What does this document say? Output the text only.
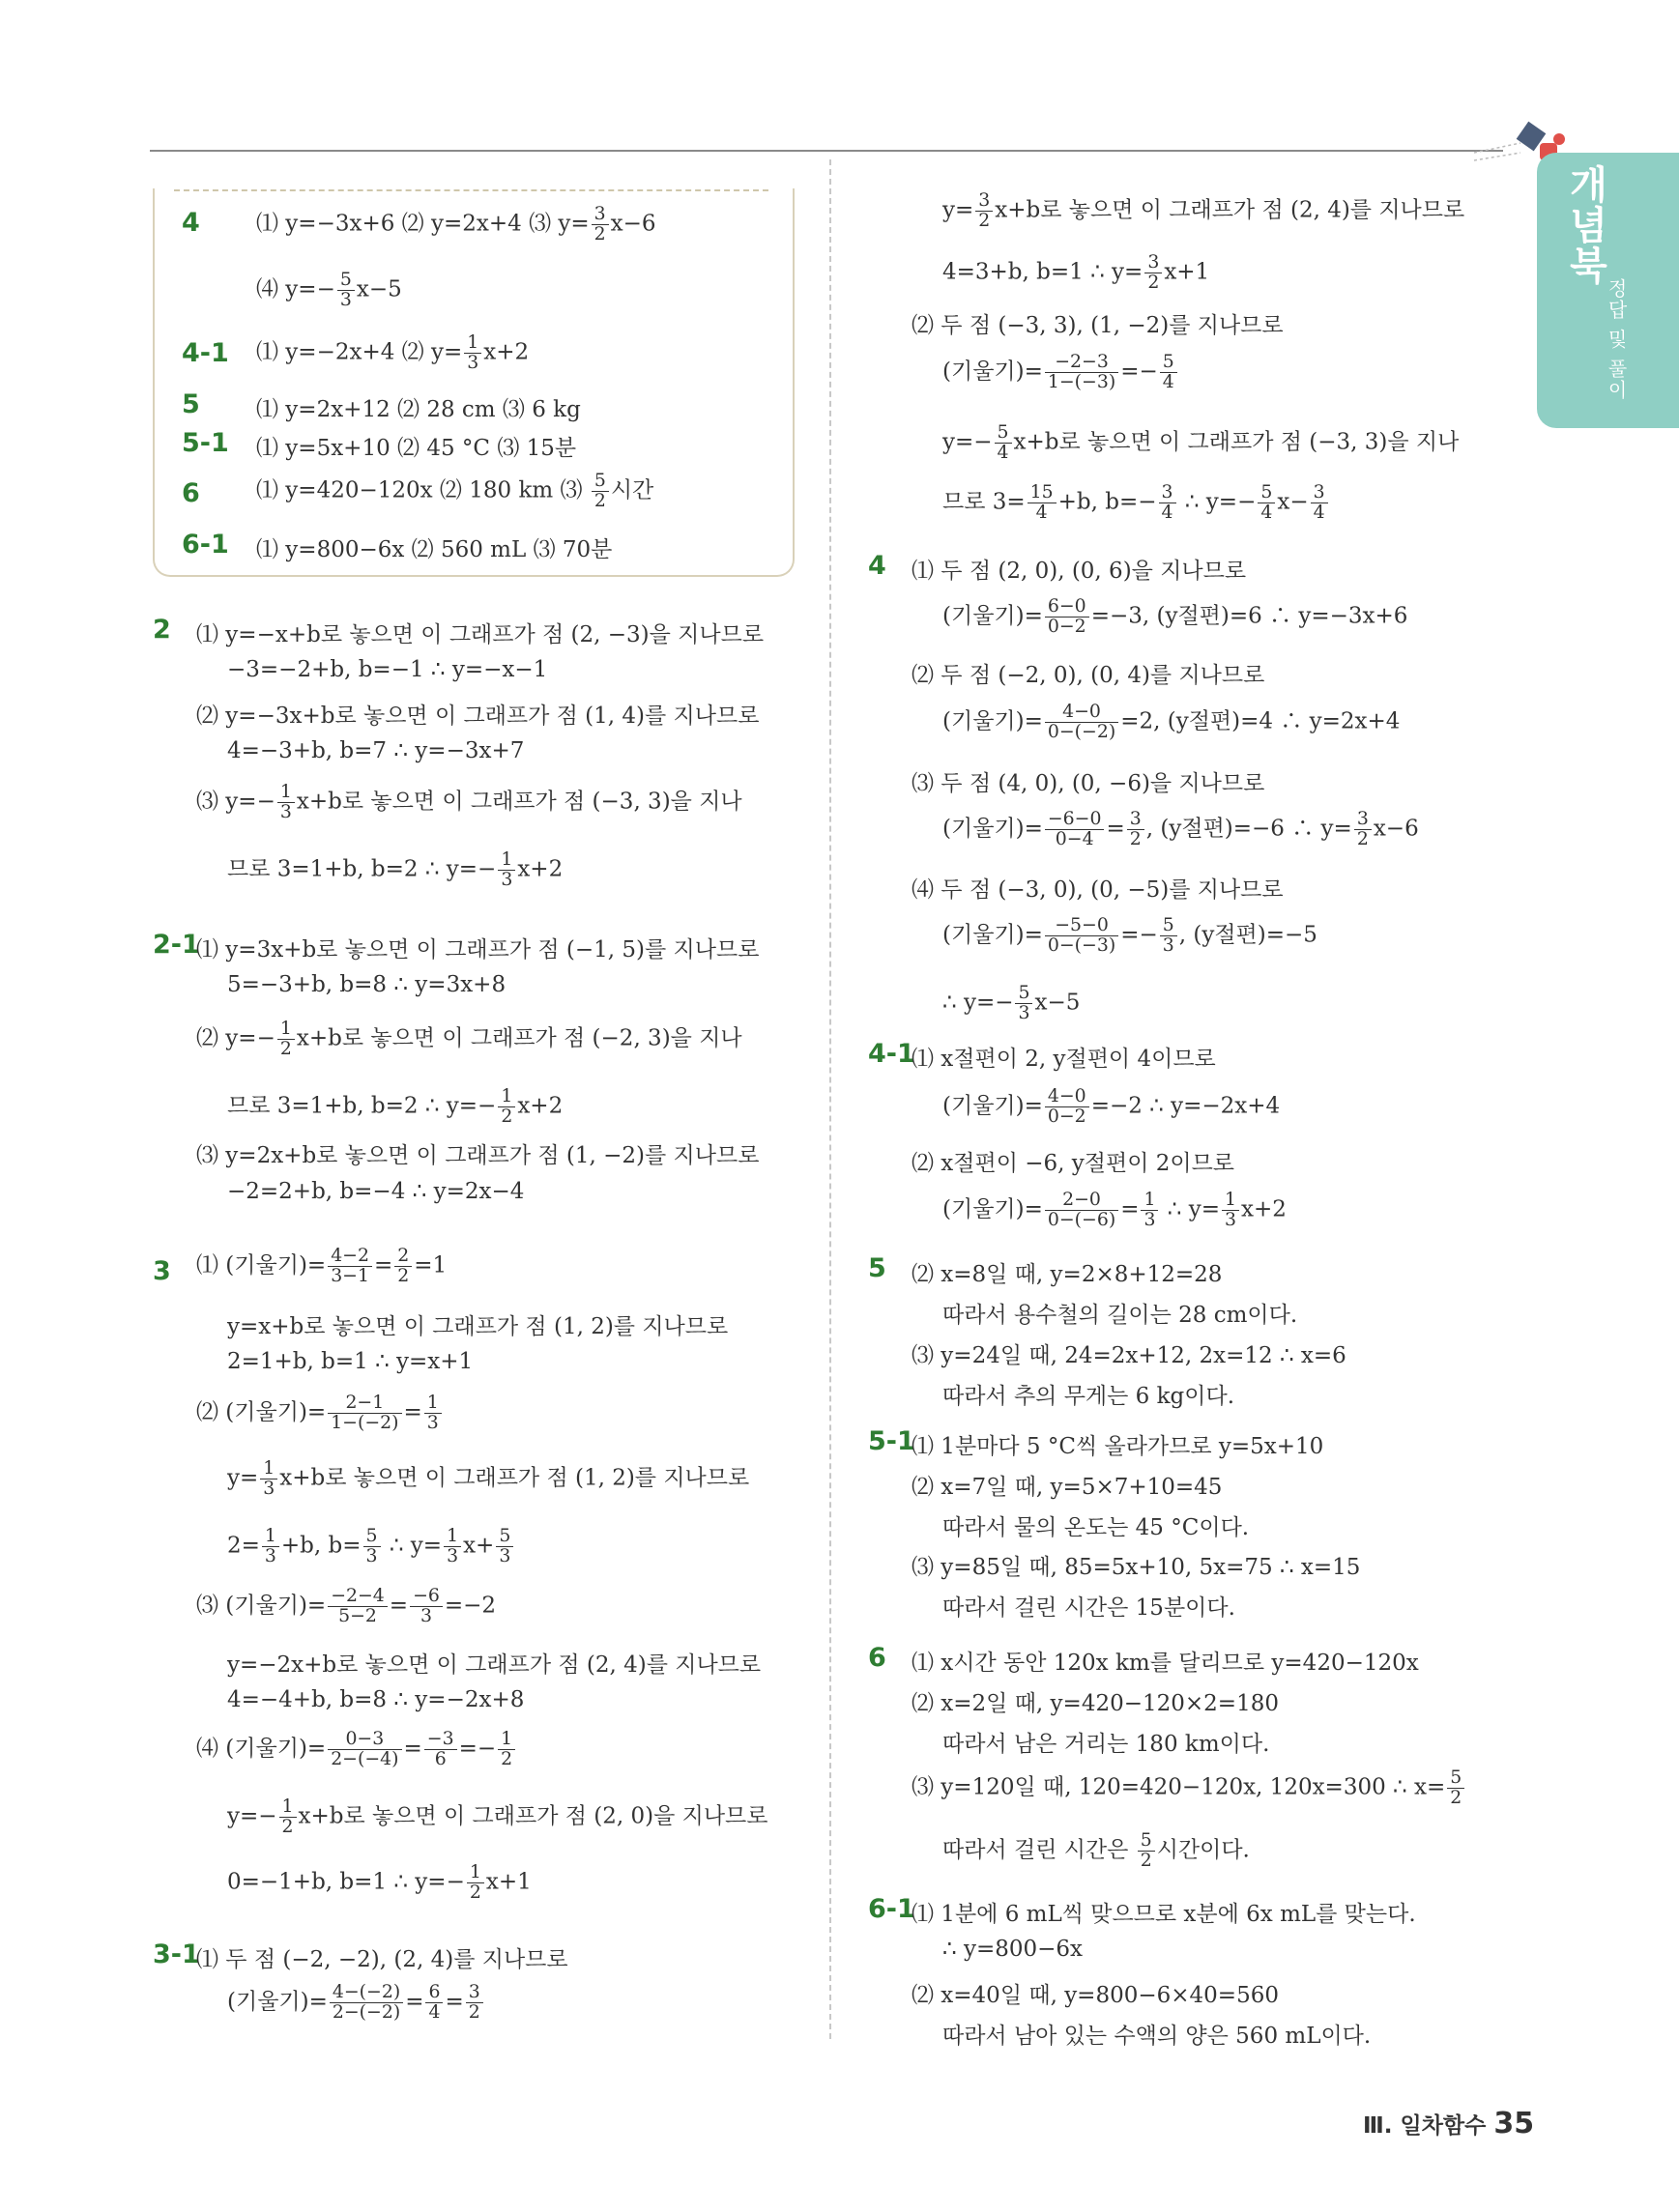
개념북
정답 및 풀이
4	⑴ y=−3x+6 ⑵ y=2x+4 ⑶ $y= \frac{3}{2} x-6$
⑷ $y=- \frac{5}{3} x-5$
4-1 ⑴ y=−2x+4 ⑵ $y= \frac{1}{3} x+2$
5	⑴ y=2x+12 ⑵ 28 cm ⑶ 6 kg
5-1 ⑴ y=5x+10 ⑵ 45 °C ⑶ 15분
6	⑴ y=420−120x ⑵ 180 km ⑶ $\frac{5}{2}$ 시간
6-1 ⑴ y=800−6x ⑵ 560 mL ⑶ 70분
2 ⑴ y=−x+b로 놓으면 이 그래프가 점 (2, −3)을 지나므로
−3=−2+b, b=−1 ∴ y=−x−1
⑵ y=−3x+b로 놓으면 이 그래프가 점 (1, 4)를 지나므로
4=−3+b, b=7 ∴ y=−3x+7
⑶ $y=- \frac{1}{3} x+b$로 놓으면 이 그래프가 점 (−3, 3)을 지나
므로 3=1+b, b=2 ∴ $y=- \frac{1}{3} x+2$
2-1
⑴ y=3x+b로 놓으면 이 그래프가 점 (−1, 5)를 지나므로
5=−3+b, b=8 ∴ y=3x+8
⑵ $y=- \frac{1}{2} x+b$로 놓으면 이 그래프가 점 (−2, 3)을 지나
므로 3=1+b, b=2 ∴ $y=- \frac{1}{2} x+2$
⑶ y=2x+b로 놓으면 이 그래프가 점 (1, −2)를 지나므로
−2=2+b, b=−4 ∴ y=2x−4
3 ⑴ (기울기)= $\frac{4-2}{3-1} = \frac{2}{2} =1$
y=x+b로 놓으면 이 그래프가 점 (1, 2)를 지나므로
2=1+b, b=1 ∴ y=x+1
⑵ (기울기)= $\frac{2-1}{1-(-2)} = \frac{1}{3}$
$y= \frac{1}{3} x+b$로 놓으면 이 그래프가 점 (1, 2)를 지나므로
$2= \frac{1}{3} +b$, $b= \frac{5}{3}$ ∴ $y= \frac{1}{3} x+ \frac{5}{3}$
⑶ (기울기)= $\frac{-2-4}{5-2} = \frac{-6}{3} =-2$
y=−2x+b로 놓으면 이 그래프가 점 (2, 4)를 지나므로
4=−4+b, b=8 ∴ y=−2x+8
⑷ (기울기)= $\frac{0-3}{2-(-4)} = \frac{-3}{6} =- \frac{1}{2}$
$y=- \frac{1}{2} x+b$로 놓으면 이 그래프가 점 (2, 0)을 지나므로
0=−1+b, b=1 ∴ $y=- \frac{1}{2} x+1$
3-1
⑴ 두 점 (−2, −2), (2, 4)를 지나므로
(기울기)= $\frac{4-(-2)}{2-(-2)} = \frac{6}{4} = \frac{3}{2}$
$y= \frac{3}{2} x+b$로 놓으면 이 그래프가 점 (2, 4)를 지나므로
4=3+b, b=1 ∴ $y= \frac{3}{2} x+1$
⑵ 두 점 (−3, 3), (1, −2)를 지나므로
(기울기)= $\frac{-2-3}{1-(-3)} =- \frac{5}{4}$
$y=- \frac{5}{4} x+b$로 놓으면 이 그래프가 점 (−3, 3)을 지나
므로 $3= \frac{15}{4} +b$, $b=- \frac{3}{4}$ ∴ $y=- \frac{5}{4} x- \frac{3}{4}$
4 ⑴ 두 점 (2, 0), (0, 6)을 지나므로
(기울기)= $\frac{6-0}{0-2} =-3$, (y절편)=6 ∴ y=−3x+6
⑵ 두 점 (−2, 0), (0, 4)를 지나므로
(기울기)= $\frac{4-0}{0-(-2)} =2$, (y절편)=4 ∴ y=2x+4
⑶ 두 점 (4, 0), (0, −6)을 지나므로
(기울기)= $\frac{-6-0}{0-4} = \frac{3}{2}$ , (y절편)=−6 ∴ $y= \frac{3}{2} x-6$
⑷ 두 점 (−3, 0), (0, −5)를 지나므로
(기울기)= $\frac{-5-0}{0-(-3)} =- \frac{5}{3}$ , (y절편)=−5
∴ $y=- \frac{5}{3} x-5$
4-1
⑴ x절편이 2, y절편이 4이므로
(기울기)= $\frac{4-0}{0-2} =-2$ ∴ y=−2x+4
⑵ x절편이 −6, y절편이 2이므로
(기울기)= $\frac{2-0}{0-(-6)} = \frac{1}{3}$ ∴ $y= \frac{1}{3} x+2$
5 ⑵ x=8일 때, y=2×8+12=28
따라서 용수철의 길이는 28 cm이다.
⑶ y=24일 때, 24=2x+12, 2x=12 ∴ x=6
따라서 추의 무게는 6 kg이다.
5-1
⑴ 1분마다 5 °C씩 올라가므로 y=5x+10
⑵ x=7일 때, y=5×7+10=45
따라서 물의 온도는 45 °C이다.
⑶ y=85일 때, 85=5x+10, 5x=75 ∴ x=15
따라서 걸린 시간은 15분이다.
6 ⑴ x시간 동안 120x km를 달리므로 y=420−120x
⑵ x=2일 때, y=420−120×2=180
따라서 남은 거리는 180 km이다.
⑶ y=120일 때, 120=420−120x, 120x=300 ∴ $x= \frac{5}{2}$
따라서 걸린 시간은 $\frac{5}{2}$ 시간이다.
6-1
⑴ 1분에 6 mL씩 맞으므로 x분에 6x mL를 맞는다.
∴ y=800−6x
⑵ x=40일 때, y=800−6×40=560
따라서 남아 있는 수액의 양은 560 mL이다.
Ⅲ. 일차함수 35
